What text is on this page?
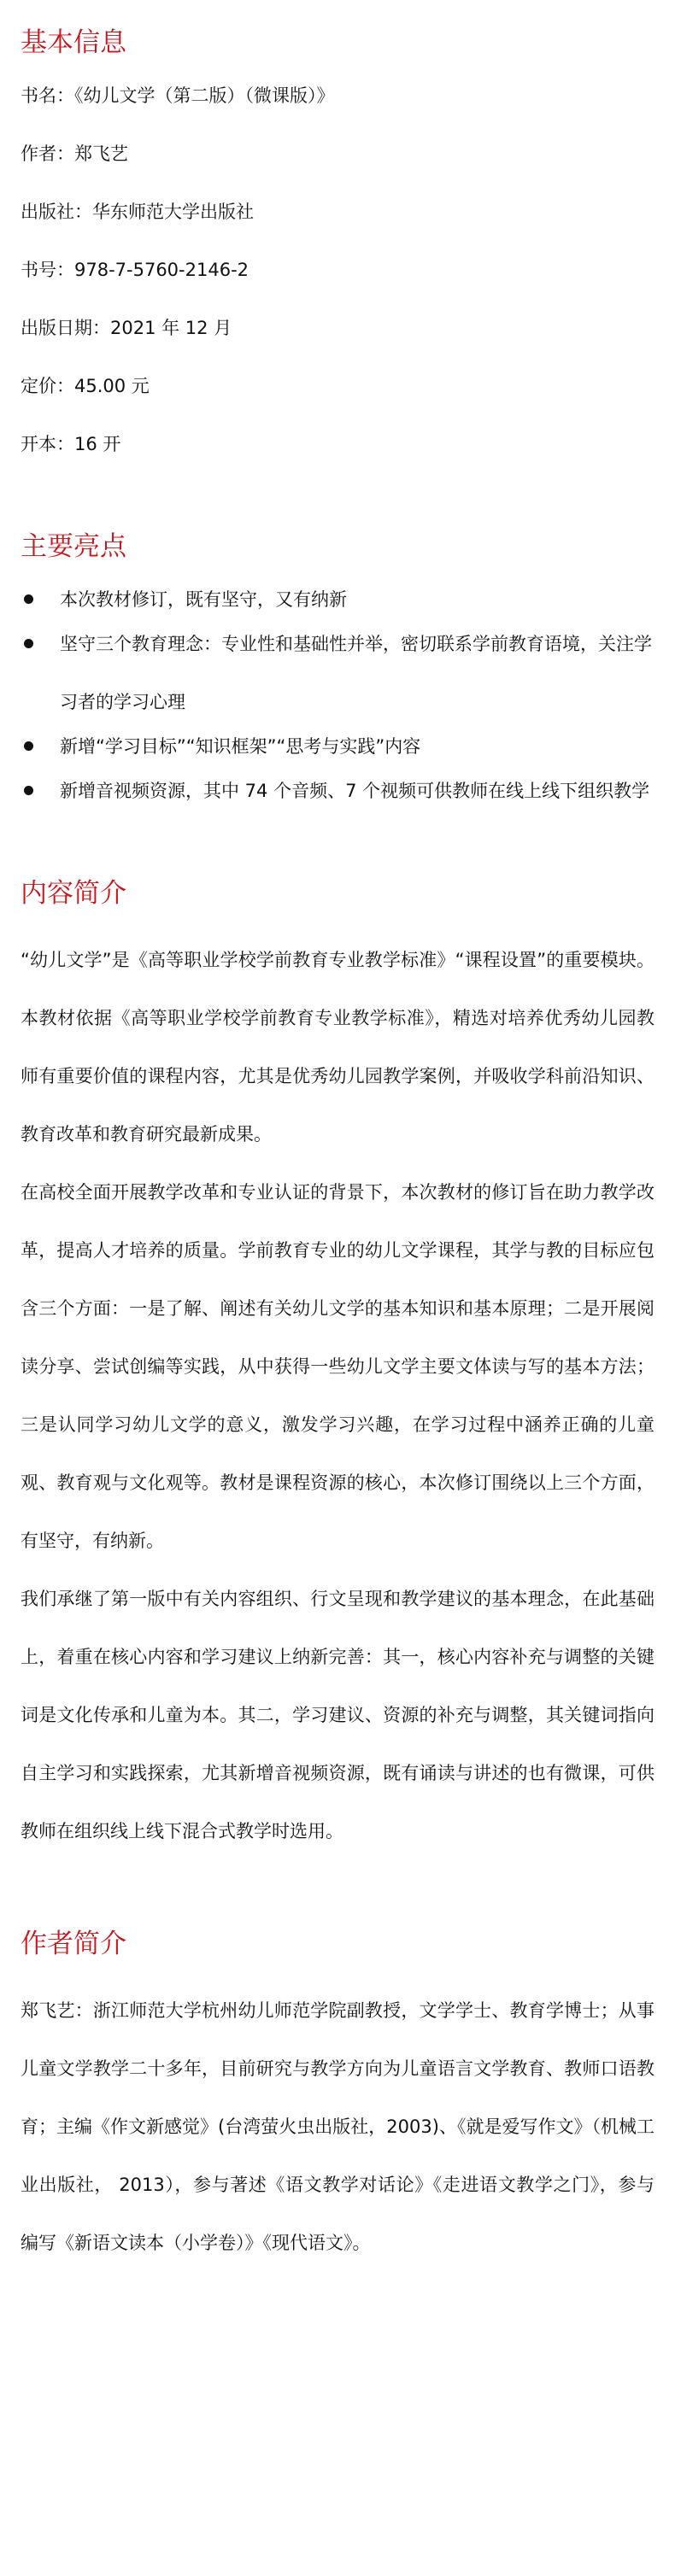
基本信息

书名：《幼儿文学（第二版）（微课版）》

作者：郑飞艺

出版社：华东师范大学出版社

书号：978-7-5760-2146-2

出版日期：2021 年 12 月

定价：45.00 元

开本：16 开

主要亮点
本次教材修订，既有坚守，又有纳新
坚守三个教育理念：专业性和基础性并举，密切联系学前教育语境，关注学习者的学习心理
新增“学习目标”“知识框架”“思考与实践”内容
新增音视频资源，其中 74 个音频、7 个视频可供教师在线上线下组织教学
内容简介

“幼儿文学”是《高等职业学校学前教育专业教学标准》“课程设置”的重要模块。本教材依据《高等职业学校学前教育专业教学标准》，精选对培养优秀幼儿园教师有重要价值的课程内容，尤其是优秀幼儿园教学案例，并吸收学科前沿知识、教育改革和教育研究最新成果。

在高校全面开展教学改革和专业认证的背景下，本次教材的修订旨在助力教学改革，提高人才培养的质量。学前教育专业的幼儿文学课程，其学与教的目标应包含三个方面：一是了解、阐述有关幼儿文学的基本知识和基本原理；二是开展阅读分享、尝试创编等实践，从中获得一些幼儿文学主要文体读与写的基本方法；三是认同学习幼儿文学的意义，激发学习兴趣，在学习过程中涵养正确的儿童观、教育观与文化观等。教材是课程资源的核心，本次修订围绕以上三个方面，有坚守，有纳新。

我们承继了第一版中有关内容组织、行文呈现和教学建议的基本理念，在此基础上，着重在核心内容和学习建议上纳新完善：其一，核心内容补充与调整的关键词是文化传承和儿童为本。其二，学习建议、资源的补充与调整，其关键词指向自主学习和实践探索，尤其新增音视频资源，既有诵读与讲述的也有微课，可供教师在组织线上线下混合式教学时选用。

作者简介

郑飞艺：浙江师范大学杭州幼儿师范学院副教授，文学学士、教育学博士；从事儿童文学教学二十多年，目前研究与教学方向为儿童语言文学教育、教师口语教育；主编《作文新感觉》(台湾萤火虫出版社，2003)、《就是爱写作文》（机械工业出版社， 2013），参与著述《语文教学对话论》《走进语文教学之门》，参与编写《新语文读本（小学卷）》《现代语文》。
